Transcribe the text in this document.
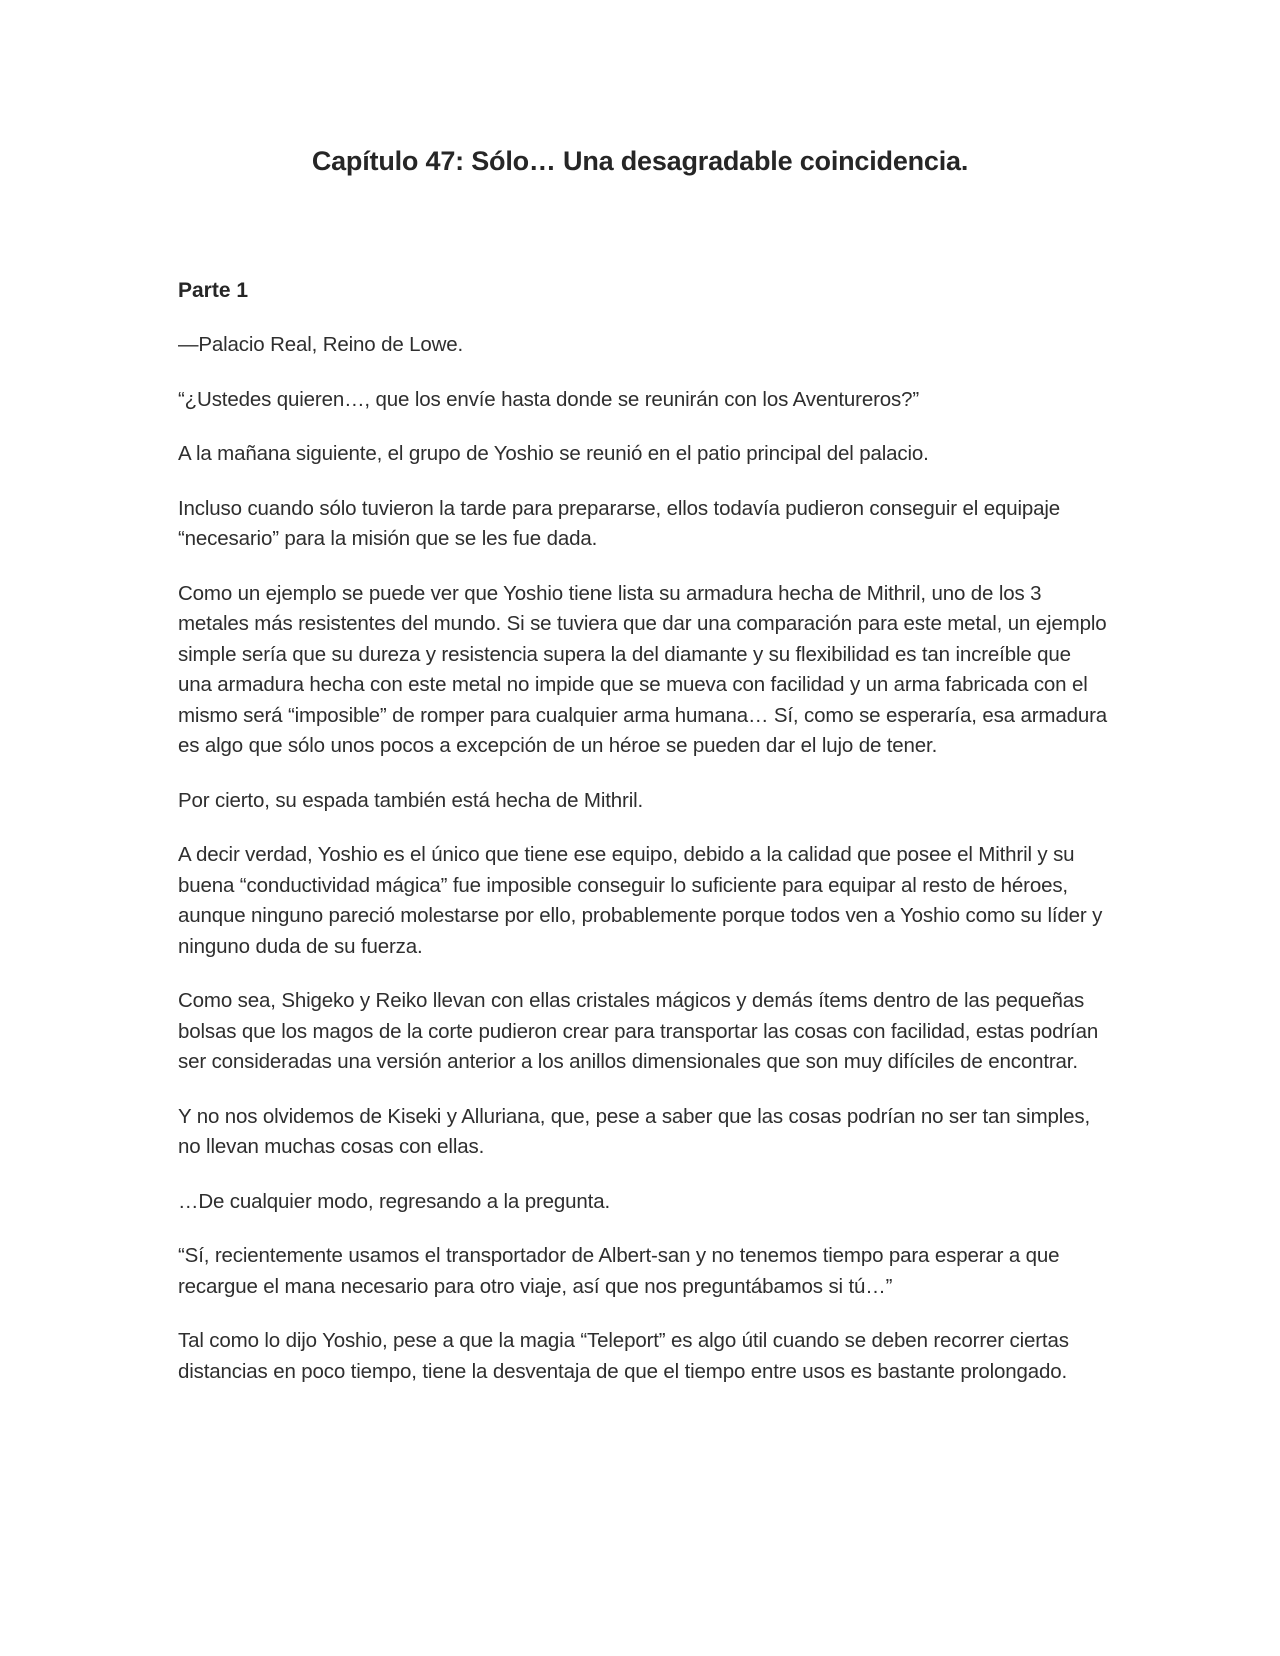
Capítulo 47: Sólo… Una desagradable coincidencia.
Parte 1

—Palacio Real, Reino de Lowe.

“¿Ustedes quieren…, que los envíe hasta donde se reunirán con los Aventureros?”

A la mañana siguiente, el grupo de Yoshio se reunió en el patio principal del palacio.

Incluso cuando sólo tuvieron la tarde para prepararse, ellos todavía pudieron conseguir el equipaje “necesario” para la misión que se les fue dada.

Como un ejemplo se puede ver que Yoshio tiene lista su armadura hecha de Mithril, uno de los 3 metales más resistentes del mundo. Si se tuviera que dar una comparación para este metal, un ejemplo simple sería que su dureza y resistencia supera la del diamante y su flexibilidad es tan increíble que una armadura hecha con este metal no impide que se mueva con facilidad y un arma fabricada con el mismo será “imposible” de romper para cualquier arma humana… Sí, como se esperaría, esa armadura es algo que sólo unos pocos a excepción de un héroe se pueden dar el lujo de tener.

Por cierto, su espada también está hecha de Mithril.

A decir verdad, Yoshio es el único que tiene ese equipo, debido a la calidad que posee el Mithril y su buena “conductividad mágica” fue imposible conseguir lo suficiente para equipar al resto de héroes, aunque ninguno pareció molestarse por ello, probablemente porque todos ven a Yoshio como su líder y ninguno duda de su fuerza.

Como sea, Shigeko y Reiko llevan con ellas cristales mágicos y demás ítems dentro de las pequeñas bolsas que los magos de la corte pudieron crear para transportar las cosas con facilidad, estas podrían ser consideradas una versión anterior a los anillos dimensionales que son muy difíciles de encontrar.

Y no nos olvidemos de Kiseki y Alluriana, que, pese a saber que las cosas podrían no ser tan simples, no llevan muchas cosas con ellas.

…De cualquier modo, regresando a la pregunta.

“Sí, recientemente usamos el transportador de Albert-san y no tenemos tiempo para esperar a que recargue el mana necesario para otro viaje, así que nos preguntábamos si tú…”

Tal como lo dijo Yoshio, pese a que la magia “Teleport” es algo útil cuando se deben recorrer ciertas distancias en poco tiempo, tiene la desventaja de que el tiempo entre usos es bastante prolongado.
